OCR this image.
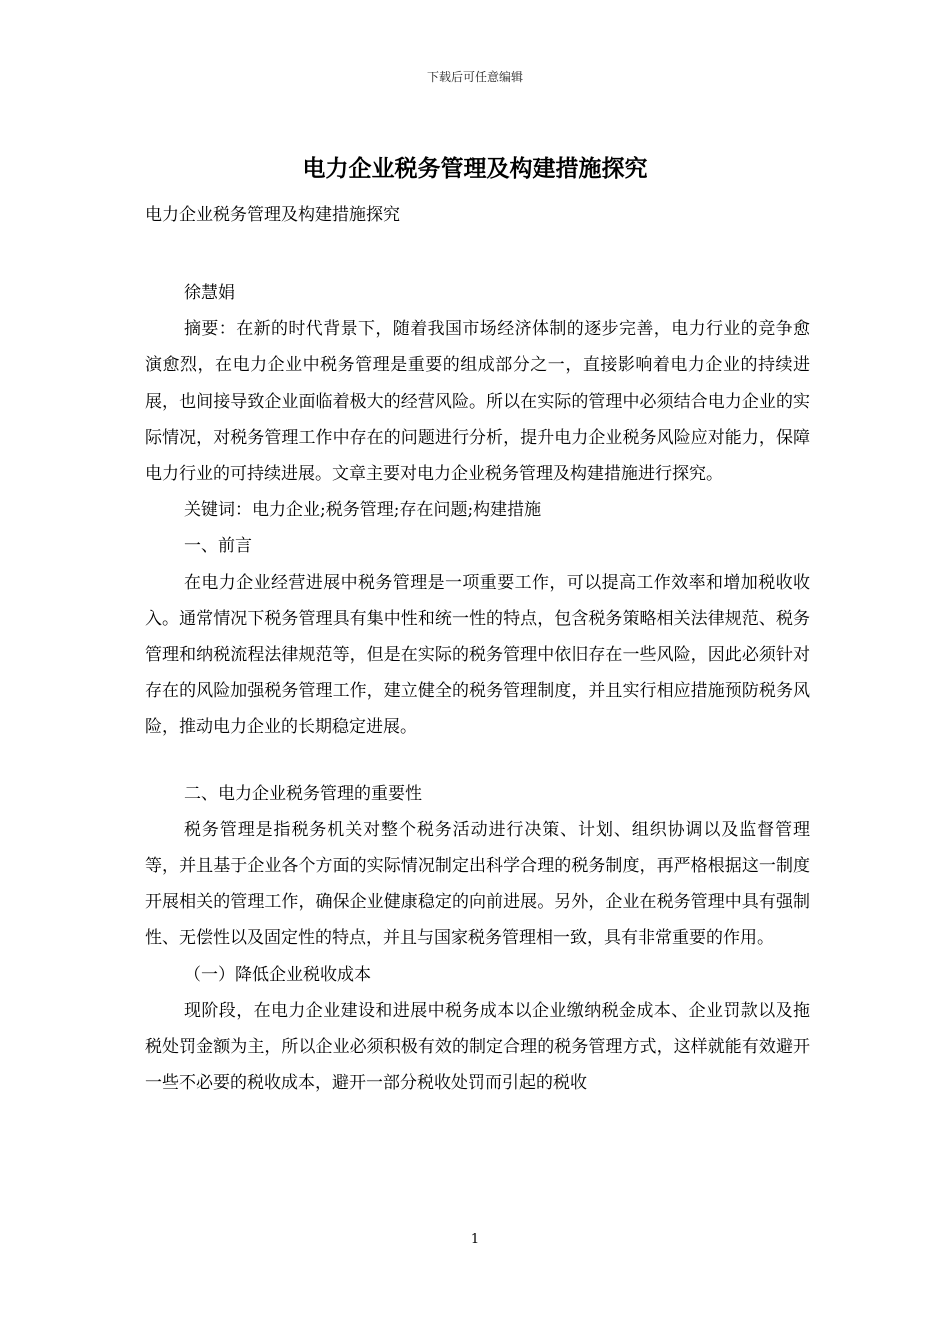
下载后可任意编辑
电力企业税务管理及构建措施探究

电力企业税务管理及构建措施探究

徐慧娟

摘要：在新的时代背景下，随着我国市场经济体制的逐步完善，电力行业的竞争愈演愈烈，在电力企业中税务管理是重要的组成部分之一，直接影响着电力企业的持续进展，也间接导致企业面临着极大的经营风险。所以在实际的管理中必须结合电力企业的实际情况，对税务管理工作中存在的问题进行分析，提升电力企业税务风险应对能力，保障电力行业的可持续进展。文章主要对电力企业税务管理及构建措施进行探究。

关键词：电力企业;税务管理;存在问题;构建措施

一、前言

在电力企业经营进展中税务管理是一项重要工作，可以提高工作效率和增加税收收入。通常情况下税务管理具有集中性和统一性的特点，包含税务策略相关法律规范、税务管理和纳税流程法律规范等，但是在实际的税务管理中依旧存在一些风险，因此必须针对存在的风险加强税务管理工作，建立健全的税务管理制度，并且实行相应措施预防税务风险，推动电力企业的长期稳定进展。

二、电力企业税务管理的重要性

税务管理是指税务机关对整个税务活动进行决策、计划、组织协调以及监督管理等，并且基于企业各个方面的实际情况制定出科学合理的税务制度，再严格根据这一制度开展相关的管理工作，确保企业健康稳定的向前进展。另外，企业在税务管理中具有强制性、无偿性以及固定性的特点，并且与国家税务管理相一致，具有非常重要的作用。

（一）降低企业税收成本

现阶段，在电力企业建设和进展中税务成本以企业缴纳税金成本、企业罚款以及拖税处罚金额为主，所以企业必须积极有效的制定合理的税务管理方式，这样就能有效避开一些不必要的税收成本，避开一部分税收处罚而引起的税收

1
